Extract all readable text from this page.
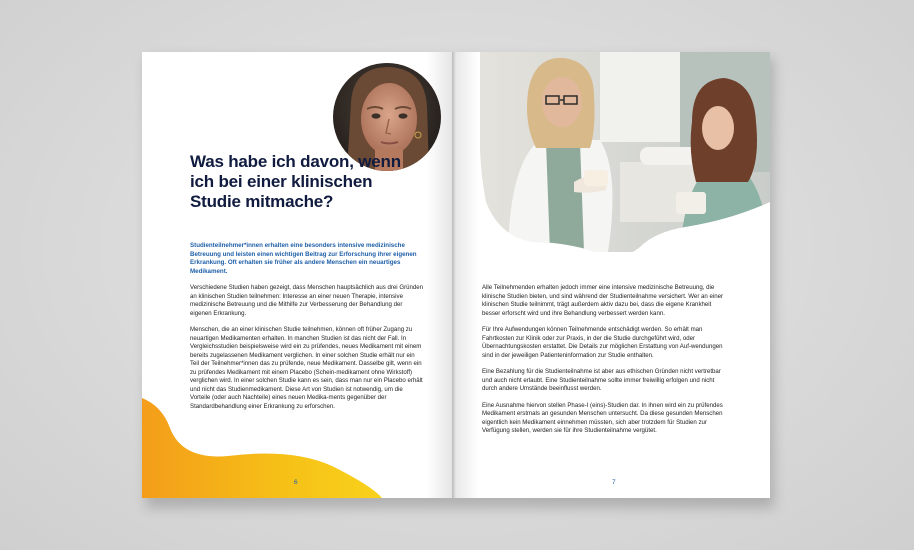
Was habe ich davon, wenn ich bei einer klinischen Studie mitmache?

Studienteilnehmer*innen erhalten eine besonders intensive medizinische Betreuung und leisten einen wichtigen Beitrag zur Erforschung ihrer eigenen Erkrankung. Oft erhalten sie früher als andere Menschen ein neuartiges Medikament.

Verschiedene Studien haben gezeigt, dass Menschen hauptsächlich aus drei Gründen an klinischen Studien teilnehmen: Interesse an einer neuen Therapie, intensive medizinische Betreuung und die Mithilfe zur Verbesserung der Behandlung der eigenen Erkrankung.

Menschen, die an einer klinischen Studie teilnehmen, können oft früher Zugang zu neuartigen Medikamenten erhalten. In manchen Studien ist das nicht der Fall. In Vergleichsstudien beispielsweise wird ein zu prüfendes, neues Medikament mit einem bereits zugelassenen Medikament verglichen. In einer solchen Studie erhält nur ein Teil der Teilnehmer*innen das zu prüfende, neue Medikament. Dasselbe gilt, wenn ein zu prüfendes Medikament mit einem Placebo (Schein-medikament ohne Wirkstoff) verglichen wird. In einer solchen Studie kann es sein, dass man nur ein Placebo erhält und nicht das Studienmedikament. Diese Art von Studien ist notwendig, um die Vorteile (oder auch Nachteile) eines neuen Medika-ments gegenüber der Standardbehandlung einer Erkrankung zu erforschen.

6

Alle Teilnehmenden erhalten jedoch immer eine intensive medizinische Betreuung, die klinische Studien bieten, und sind während der Studienteilnahme versichert. Wer an einer klinischen Studie teilnimmt, trägt außerdem aktiv dazu bei, dass die eigene Krankheit besser erforscht wird und ihre Behandlung verbessert werden kann.

Für Ihre Aufwendungen können Teilnehmende entschädigt werden. So erhält man Fahrtkosten zur Klinik oder zur Praxis, in der die Studie durchgeführt wird, oder Übernachtungskosten erstattet. Die Details zur möglichen Erstattung von Auf-wendungen sind in der jeweiligen Patienteninformation zur Studie enthalten.

Eine Bezahlung für die Studienteilnahme ist aber aus ethischen Gründen nicht vertretbar und auch nicht erlaubt. Eine Studienteilnahme sollte immer freiwillig erfolgen und nicht durch andere Umstände beeinflusst werden.

Eine Ausnahme hiervon stellen Phase-I (eins)-Studien dar. In ihnen wird ein zu prüfendes Medikament erstmals an gesunden Menschen untersucht. Da diese gesunden Menschen eigentlich kein Medikament einnehmen müssten, sich aber trotzdem für Studien zur Verfügung stellen, werden sie für ihre Studienteilnahme vergütet.

7
